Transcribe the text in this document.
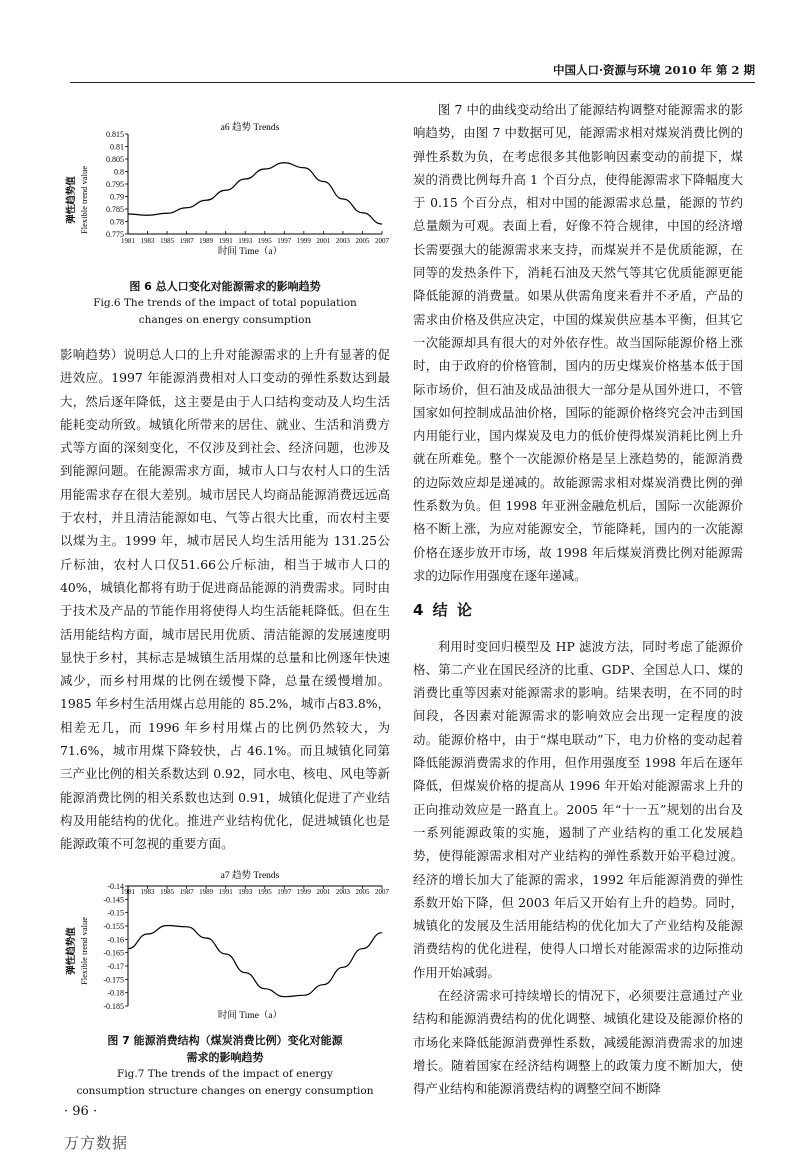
中国人口·资源与环境 2010 年 第 2 期
a6 趋势 Trends
弹性趋势值 Flexible trend value
时间 Time（a）
0.815
0.81
0.805
0.8
0.795
0.79
0.785
0.78
0.775
1981 1983 1985 1987 1989 1991 1993 1995 1997 1999 2001 2003 2005 2007
图 6 总人口变化对能源需求的影响趋势
Fig.6 The trends of the impact of total population
changes on energy consumption

影响趋势）说明总人口的上升对能源需求的上升有显著的促进效应。1997 年能源消费相对人口变动的弹性系数达到最大，然后逐年降低，这主要是由于人口结构变动及人均生活能耗变动所致。城镇化所带来的居住、就业、生活和消费方式等方面的深刻变化，不仅涉及到社会、经济问题，也涉及到能源问题。在能源需求方面，城市人口与农村人口的生活用能需求存在很大差别。城市居民人均商品能源消费远远高于农村，并且清洁能源如电、气等占很大比重，而农村主要以煤为主。1999 年，城市居民人均生活用能为 131.25公斤标油，农村人口仅51.66公斤标油，相当于城市人口的 40%，城镇化都将有助于促进商品能源的消费需求。同时由于技术及产品的节能作用将使得人均生活能耗降低。但在生活用能结构方面，城市居民用优质、清洁能源的发展速度明显快于乡村，其标志是城镇生活用煤的总量和比例逐年快速减少，而乡村用煤的比例在缓慢下降，总量在缓慢增加。1985 年乡村生活用煤占总用能的 85.2%，城市占83.8%，相差无几，而 1996 年乡村用煤占的比例仍然较大，为 71.6%，城市用煤下降较快，占 46.1%。而且城镇化同第三产业比例的相关系数达到 0.92，同水电、核电、风电等新能源消费比例的相关系数也达到 0.91，城镇化促进了产业结构及用能结构的优化。推进产业结构优化，促进城镇化也是能源政策不可忽视的重要方面。

a7 趋势 Trends
弹性趋势值 Flexible trend value
时间 Time（a）
-0.14
-0.145
-0.15
-0.155
-0.16
-0.165
-0.17
-0.175
-0.18
-0.185
1981 1983 1985 1987 1989 1991 1993 1995 1997 1999 2001 2003 2005 2007
图 7 能源消费结构（煤炭消费比例）变化对能源
需求的影响趋势
Fig.7 The trends of the impact of energy
consumption structure changes on energy consumption

图 7 中的曲线变动给出了能源结构调整对能源需求的影响趋势，由图 7 中数据可见，能源需求相对煤炭消费比例的弹性系数为负，在考虑很多其他影响因素变动的前提下，煤炭的消费比例每升高 1 个百分点，使得能源需求下降幅度大于 0.15 个百分点，相对中国的能源需求总量，能源的节约总量颇为可观。表面上看，好像不符合规律，中国的经济增长需要强大的能源需求来支持，而煤炭并不是优质能源，在同等的发热条件下，消耗石油及天然气等其它优质能源更能降低能源的消费量。如果从供需角度来看并不矛盾，产品的需求由价格及供应决定，中国的煤炭供应基本平衡，但其它一次能源却具有很大的对外依存性。故当国际能源价格上涨时，由于政府的价格管制，国内的历史煤炭价格基本低于国际市场价，但石油及成品油很大一部分是从国外进口，不管国家如何控制成品油价格，国际的能源价格终究会冲击到国内用能行业，国内煤炭及电力的低价使得煤炭消耗比例上升就在所难免。整个一次能源价格是呈上涨趋势的，能源消费的边际效应却是递减的。故能源需求相对煤炭消费比例的弹性系数为负。但 1998 年亚洲金融危机后，国际一次能源价格不断上涨，为应对能源安全，节能降耗，国内的一次能源价格在逐步放开市场，故 1998 年后煤炭消费比例对能源需求的边际作用强度在逐年递减。

4 结 论

利用时变回归模型及 HP 滤波方法，同时考虑了能源价格、第二产业在国民经济的比重、GDP、全国总人口、煤的消费比重等因素对能源需求的影响。结果表明，在不同的时间段，各因素对能源需求的影响效应会出现一定程度的波动。能源价格中，由于“煤电联动”下，电力价格的变动起着降低能源消费需求的作用，但作用强度至 1998 年后在逐年降低，但煤炭价格的提高从 1996 年开始对能源需求上升的正向推动效应是一路直上。2005 年“十一五”规划的出台及一系列能源政策的实施，遏制了产业结构的重工化发展趋势，使得能源需求相对产业结构的弹性系数开始平稳过渡。经济的增长加大了能源的需求，1992 年后能源消费的弹性系数开始下降，但 2003 年后又开始有上升的趋势。同时，城镇化的发展及生活用能结构的优化加大了产业结构及能源消费结构的优化进程，使得人口增长对能源需求的边际推动作用开始减弱。

在经济需求可持续增长的情况下，必须要注意通过产业结构和能源消费结构的优化调整、城镇化建设及能源价格的市场化来降低能源消费弹性系数，减缓能源消费需求的加速增长。随着国家在经济结构调整上的政策力度不断加大，使得产业结构和能源消费结构的调整空间不断降

· 96 ·
万方数据
